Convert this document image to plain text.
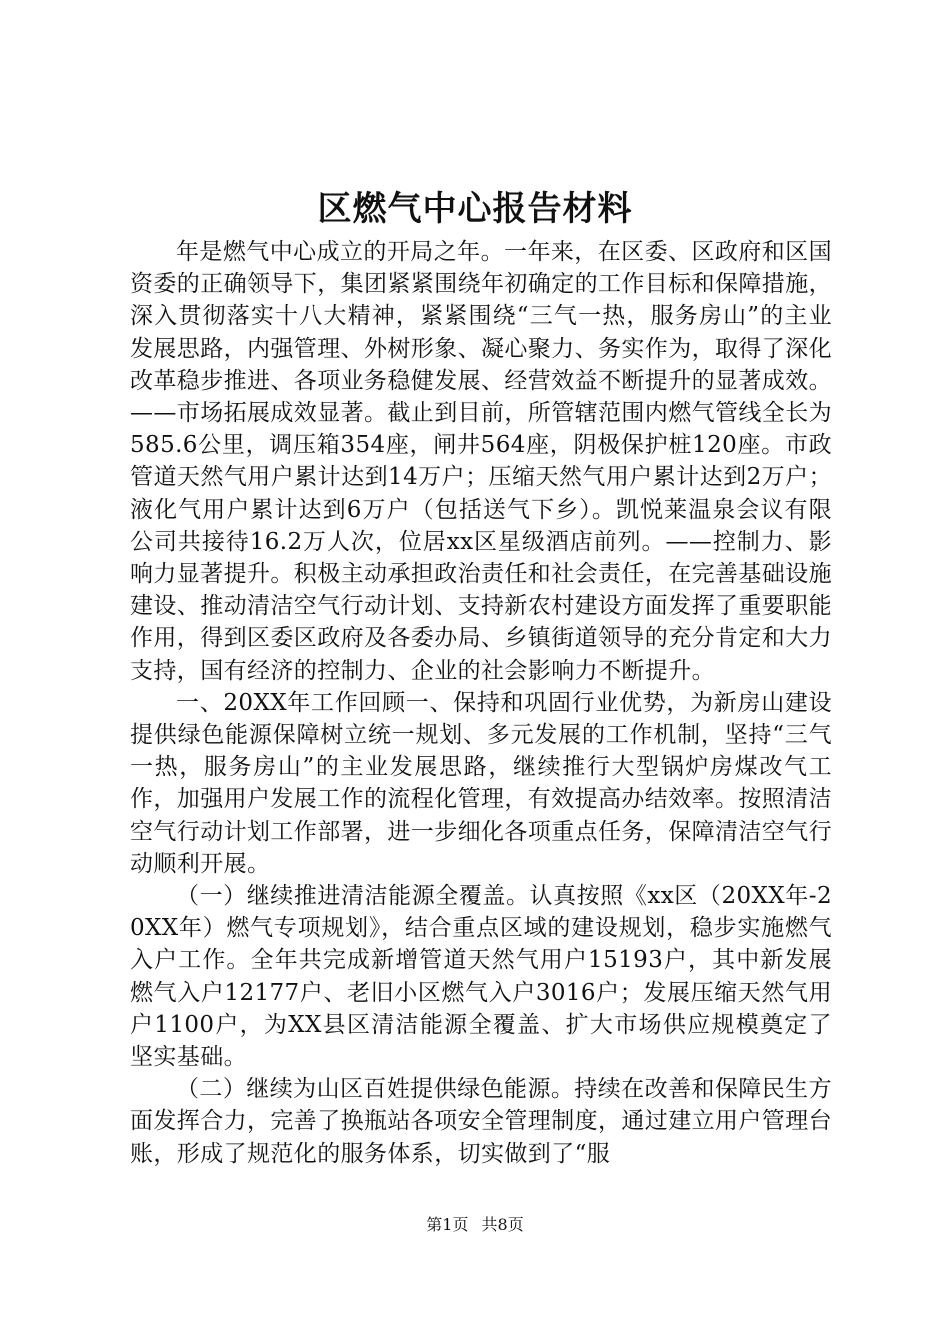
区燃气中心报告材料

年是燃气中心成立的开局之年。一年来，在区委、区政府和区国资委的正确领导下，集团紧紧围绕年初确定的工作目标和保障措施，深入贯彻落实十八大精神，紧紧围绕“三气一热，服务房山”的主业发展思路，内强管理、外树形象、凝心聚力、务实作为，取得了深化改革稳步推进、各项业务稳健发展、经营效益不断提升的显著成效。——市场拓展成效显著。截止到目前，所管辖范围内燃气管线全长为585.6公里，调压箱354座，闸井564座，阴极保护桩120座。市政管道天然气用户累计达到14万户；压缩天然气用户累计达到2万户；液化气用户累计达到6万户（包括送气下乡）。凯悦莱温泉会议有限公司共接待16.2万人次，位居xx区星级酒店前列。——控制力、影响力显著提升。积极主动承担政治责任和社会责任，在完善基础设施建设、推动清洁空气行动计划、支持新农村建设方面发挥了重要职能作用，得到区委区政府及各委办局、乡镇街道领导的充分肯定和大力支持，国有经济的控制力、企业的社会影响力不断提升。

一、20XX年工作回顾一、保持和巩固行业优势，为新房山建设提供绿色能源保障树立统一规划、多元发展的工作机制，坚持“三气一热，服务房山”的主业发展思路，继续推行大型锅炉房煤改气工作，加强用户发展工作的流程化管理，有效提高办结效率。按照清洁空气行动计划工作部署，进一步细化各项重点任务，保障清洁空气行动顺利开展。

（一）继续推进清洁能源全覆盖。认真按照《xx区（20XX年-20XX年）燃气专项规划》，结合重点区域的建设规划，稳步实施燃气入户工作。全年共完成新增管道天然气用户15193户，其中新发展燃气入户12177户、老旧小区燃气入户3016户；发展压缩天然气用户1100户，为XX县区清洁能源全覆盖、扩大市场供应规模奠定了坚实基础。

（二）继续为山区百姓提供绿色能源。持续在改善和保障民生方面发挥合力，完善了换瓶站各项安全管理制度，通过建立用户管理台账，形成了规范化的服务体系，切实做到了“服

第1页 共8页
